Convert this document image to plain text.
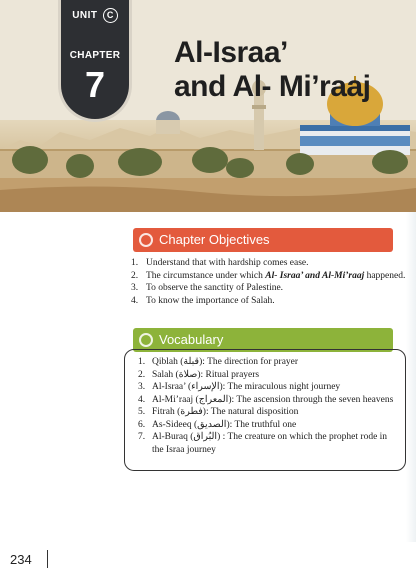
UNIT C
CHAPTER
7
Al-Israa’
and Al- Mi’raaj
Chapter Objectives
1. Understand that with hardship comes ease.
2. The circumstance under which Al- Israa’ and Al-Mi’raaj happened.
3. To observe the sanctity of Palestine.
4. To know the importance of Salah.
Vocabulary
1. Qiblah (قبلة): The direction for prayer
2. Salah (صلاة): Ritual prayers
3. Al-Israa’ (الإسراء): The miraculous night journey
4. Al-Mi’raaj (المعراج): The ascension through the seven heavens
5. Fitrah (فطرة): The natural disposition
6. As-Sideeq (الصديق): The truthful one
7. Al-Buraq (البُراق) : The creature on which the prophet rode in the Israa journey
234
